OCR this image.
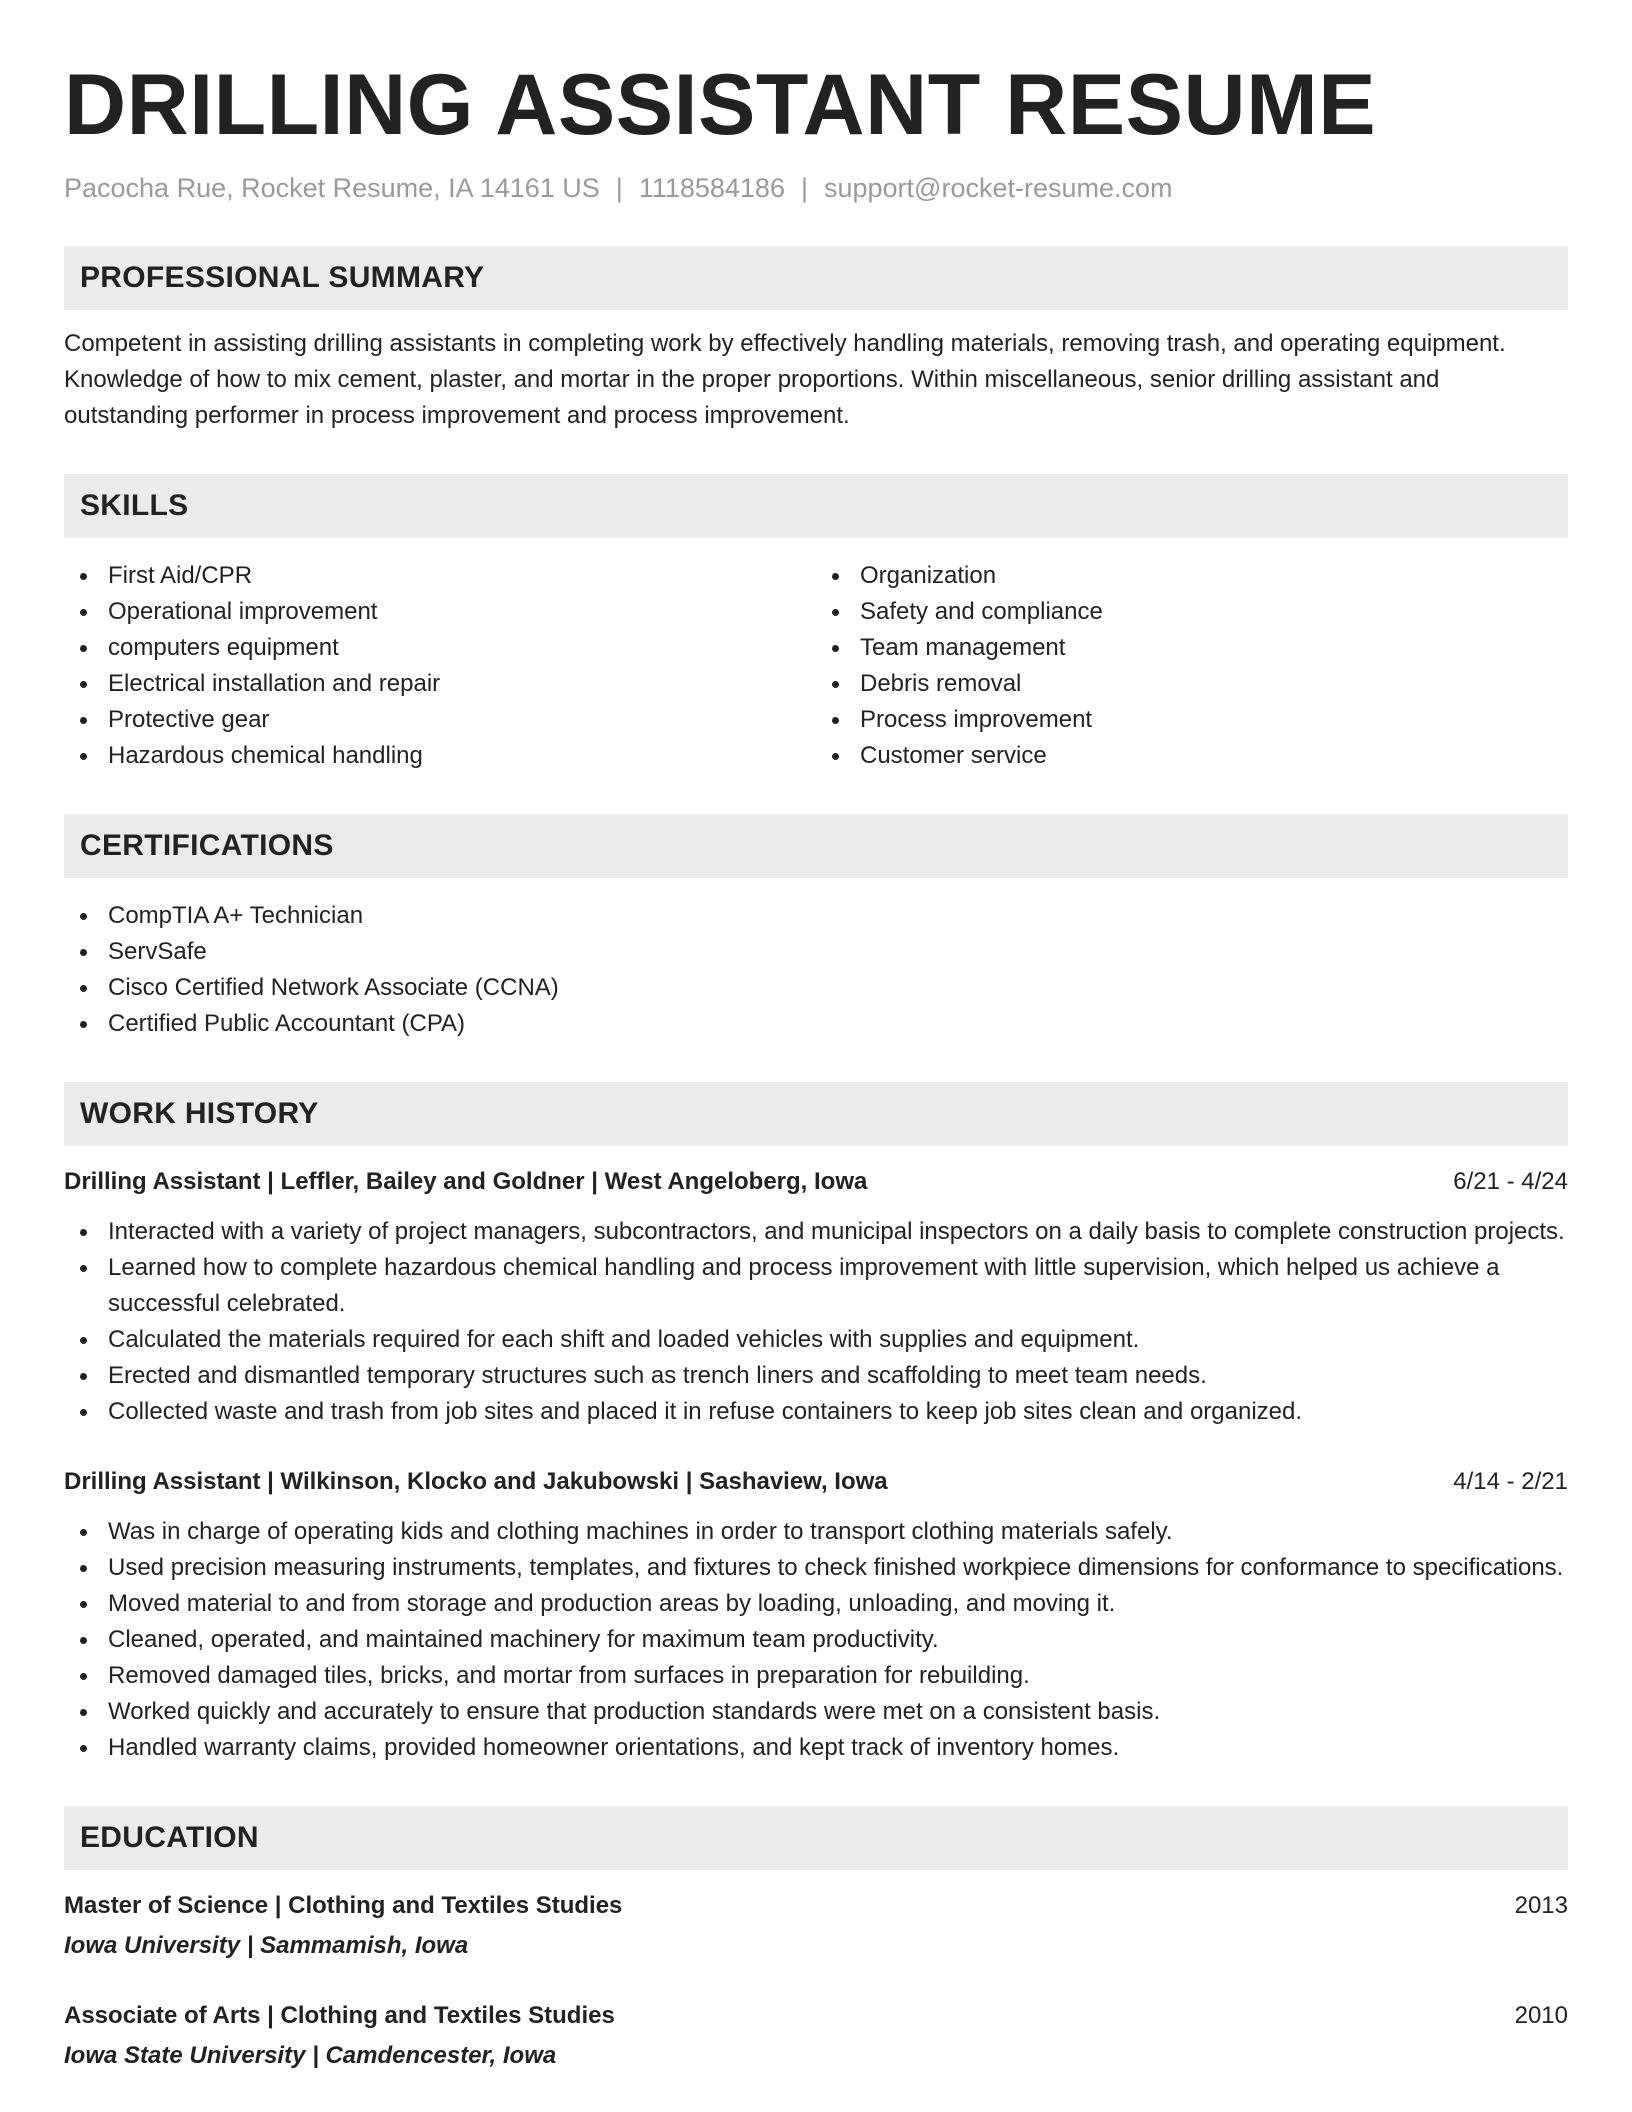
DRILLING ASSISTANT RESUME
Pacocha Rue, Rocket Resume, IA 14161 US | 1118584186 | support@rocket-resume.com
PROFESSIONAL SUMMARY

Competent in assisting drilling assistants in completing work by effectively handling materials, removing trash, and operating equipment. Knowledge of how to mix cement, plaster, and mortar in the proper proportions. Within miscellaneous, senior drilling assistant and outstanding performer in process improvement and process improvement.

SKILLS
First Aid/CPR
Operational improvement
computers equipment
Electrical installation and repair
Protective gear
Hazardous chemical handling
Organization
Safety and compliance
Team management
Debris removal
Process improvement
Customer service
CERTIFICATIONS
CompTIA A+ Technician
ServSafe
Cisco Certified Network Associate (CCNA)
Certified Public Accountant (CPA)
WORK HISTORY
Drilling Assistant | Leffler, Bailey and Goldner | West Angeloberg, Iowa	6/21 - 4/24
Interacted with a variety of project managers, subcontractors, and municipal inspectors on a daily basis to complete construction projects.
Learned how to complete hazardous chemical handling and process improvement with little supervision, which helped us achieve a successful celebrated.
Calculated the materials required for each shift and loaded vehicles with supplies and equipment.
Erected and dismantled temporary structures such as trench liners and scaffolding to meet team needs.
Collected waste and trash from job sites and placed it in refuse containers to keep job sites clean and organized.
Drilling Assistant | Wilkinson, Klocko and Jakubowski | Sashaview, Iowa	4/14 - 2/21
Was in charge of operating kids and clothing machines in order to transport clothing materials safely.
Used precision measuring instruments, templates, and fixtures to check finished workpiece dimensions for conformance to specifications.
Moved material to and from storage and production areas by loading, unloading, and moving it.
Cleaned, operated, and maintained machinery for maximum team productivity.
Removed damaged tiles, bricks, and mortar from surfaces in preparation for rebuilding.
Worked quickly and accurately to ensure that production standards were met on a consistent basis.
Handled warranty claims, provided homeowner orientations, and kept track of inventory homes.
EDUCATION
Master of Science | Clothing and Textiles Studies	2013
Iowa University | Sammamish, Iowa
Associate of Arts | Clothing and Textiles Studies	2010
Iowa State University | Camdencester, Iowa
